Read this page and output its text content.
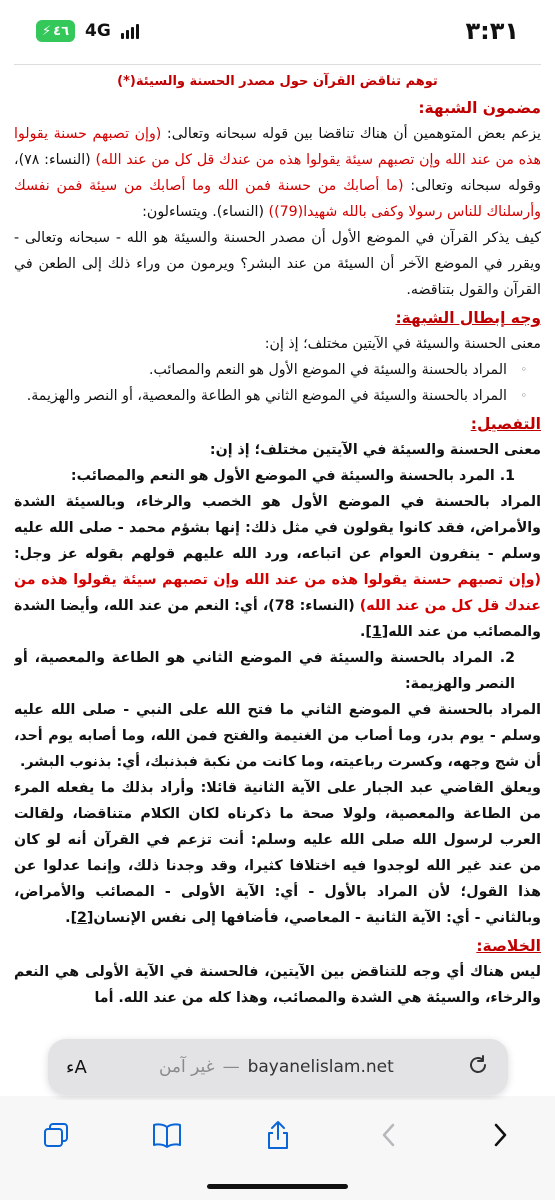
⚡ ٤٦ 4G	٣:٣١
توهم تناقض القرآن حول مصدر الحسنة والسيئة(*)
مضمون الشبهة:

يزعم بعض المتوهمين أن هناك تناقضا بين قوله سبحانه وتعالى: (وإن تصبهم حسنة يقولوا هذه من عند الله وإن تصبهم سيئة يقولوا هذه من عندك قل كل من عند الله) (النساء: ٧٨)، وقوله سبحانه وتعالى: (ما أصابك من حسنة فمن الله وما أصابك من سيئة فمن نفسك وأرسلناك للناس رسولا وكفى بالله شهيدا(79)) (النساء). ويتساءلون:

كيف يذكر القرآن في الموضع الأول أن مصدر الحسنة والسيئة هو الله - سبحانه وتعالى - ويقرر في الموضع الآخر أن السيئة من عند البشر؟ ويرمون من وراء ذلك إلى الطعن في القرآن والقول بتناقضه.

وجه إبطال الشبهة:

معنى الحسنة والسيئة في الآيتين مختلف؛ إذ إن:

◦ المراد بالحسنة والسيئة في الموضع الأول هو النعم والمصائب.
◦ المراد بالحسنة والسيئة في الموضع الثاني هو الطاعة والمعصية، أو النصر والهزيمة.
التفصيل:

معنى الحسنة والسيئة في الآيتين مختلف؛ إذ إن:

1. المرد بالحسنة والسيئة في الموضع الأول هو النعم والمصائب:

المراد بالحسنة في الموضع الأول هو الخصب والرخاء، وبالسيئة الشدة والأمراض، فقد كانوا يقولون في مثل ذلك: إنها بشؤم محمد - صلى الله عليه وسلم - ينفرون العوام عن اتباعه، ورد الله عليهم قولهم بقوله عز وجل: (وإن تصبهم حسنة يقولوا هذه من عند الله وإن تصبهم سيئة يقولوا هذه من عندك قل كل من عند الله) (النساء: 78)، أي: النعم من عند الله، وأيضا الشدة والمصائب من عند الله[1].

2. المراد بالحسنة والسيئة في الموضع الثاني هو الطاعة والمعصية، أو النصر والهزيمة:

المراد بالحسنة في الموضع الثاني ما فتح الله على النبي - صلى الله عليه وسلم - يوم بدر، وما أصاب من الغنيمة والفتح فمن الله، وما أصابه يوم أحد، أن شج وجهه، وكسرت رباعيته، وما كانت من نكبة فبذنبك، أي: بذنوب البشر.

ويعلق القاضي عبد الجبار على الآية الثانية قائلا: وأراد بذلك ما يفعله المرء من الطاعة والمعصية، ولولا صحة ما ذكرناه لكان الكلام متناقضا، ولقالت العرب لرسول الله صلى الله عليه وسلم: أنت تزعم في القرآن أنه لو كان من عند غير الله لوجدوا فيه اختلافا كثيرا، وقد وجدنا ذلك، وإنما عدلوا عن هذا القول؛ لأن المراد بالأول - أي: الآية الأولى - المصائب والأمراض، وبالثاني - أي: الآية الثانية - المعاصي، فأضافها إلى نفس الإنسان[2].

الخلاصة:

ليس هناك أي وجه للتناقض بين الآيتين، فالحسنة في الآية الأولى هي النعم والرخاء، والسيئة هي الشدة والمصائب، وهذا كله من عند الله. أما

ءA	غير آمن — bayanelislam.net
